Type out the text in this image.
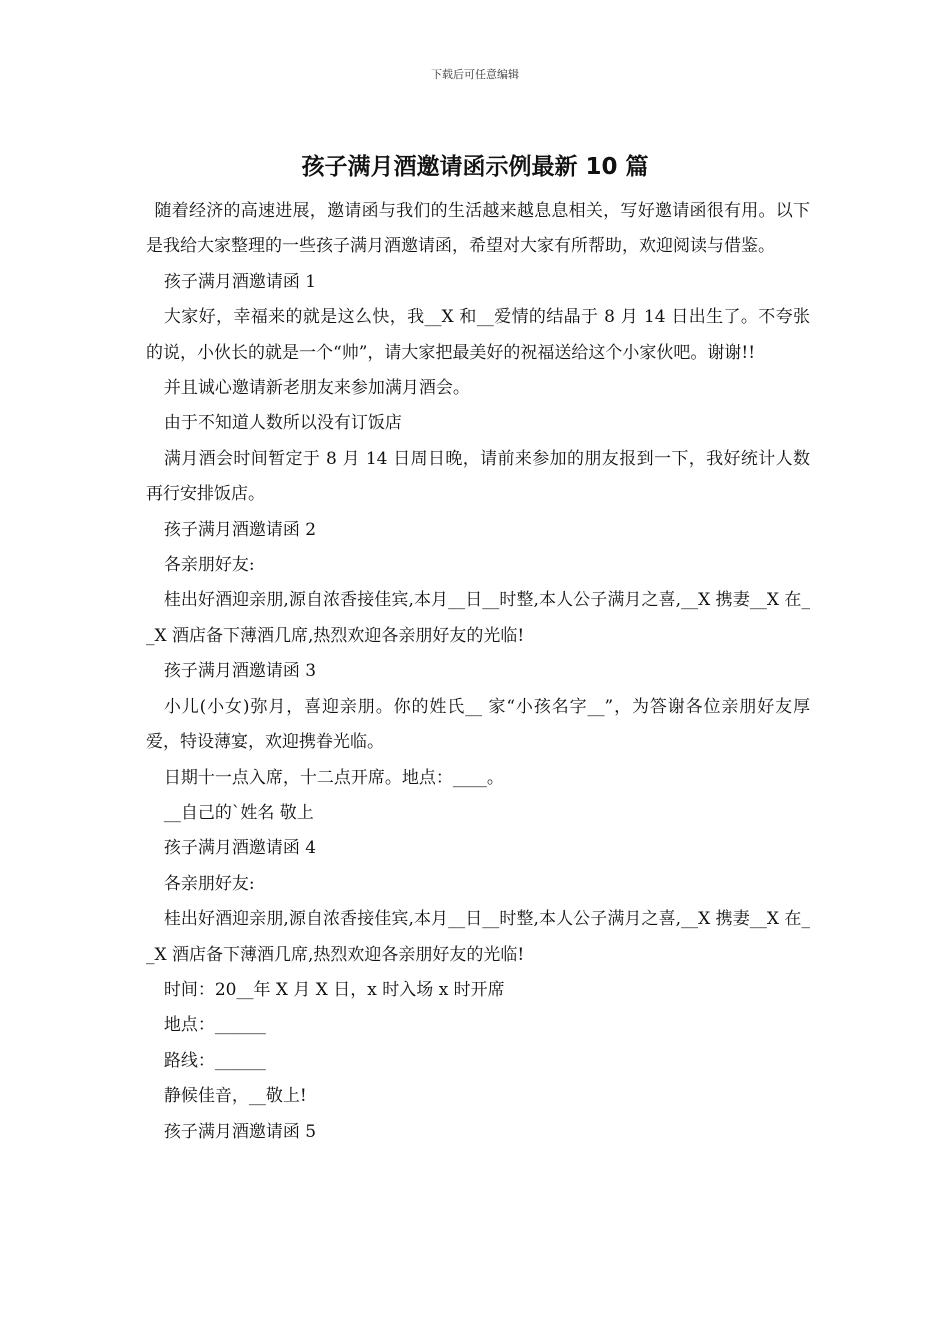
下载后可任意编辑
孩子满月酒邀请函示例最新 10 篇

随着经济的高速进展，邀请函与我们的生活越来越息息相关，写好邀请函很有用。以下是我给大家整理的一些孩子满月酒邀请函，希望对大家有所帮助，欢迎阅读与借鉴。

孩子满月酒邀请函 1

大家好，幸福来的就是这么快，我__X 和__爱情的结晶于 8 月 14 日出生了。不夸张的说，小伙长的就是一个“帅”，请大家把最美好的祝福送给这个小家伙吧。谢谢!!

并且诚心邀请新老朋友来参加满月酒会。

由于不知道人数所以没有订饭店

满月酒会时间暂定于 8 月 14 日周日晚，请前来参加的朋友报到一下，我好统计人数再行安排饭店。

孩子满月酒邀请函 2

各亲朋好友:

桂出好酒迎亲朋,源自浓香接佳宾,本月__日__时整,本人公子满月之喜,__X 携妻__X 在__X 酒店备下薄酒几席,热烈欢迎各亲朋好友的光临!

孩子满月酒邀请函 3

小儿(小女)弥月，喜迎亲朋。你的姓氏__ 家“小孩名字__”，为答谢各位亲朋好友厚爱，特设薄宴，欢迎携眷光临。

日期十一点入席，十二点开席。地点：____。

__自己的`姓名 敬上

孩子满月酒邀请函 4

各亲朋好友:

桂出好酒迎亲朋,源自浓香接佳宾,本月__日__时整,本人公子满月之喜,__X 携妻__X 在__X 酒店备下薄酒几席,热烈欢迎各亲朋好友的光临!

时间：20__年 X 月 X 日，x 时入场 x 时开席

地点：______

路线：______

静候佳音，__敬上!

孩子满月酒邀请函 5
